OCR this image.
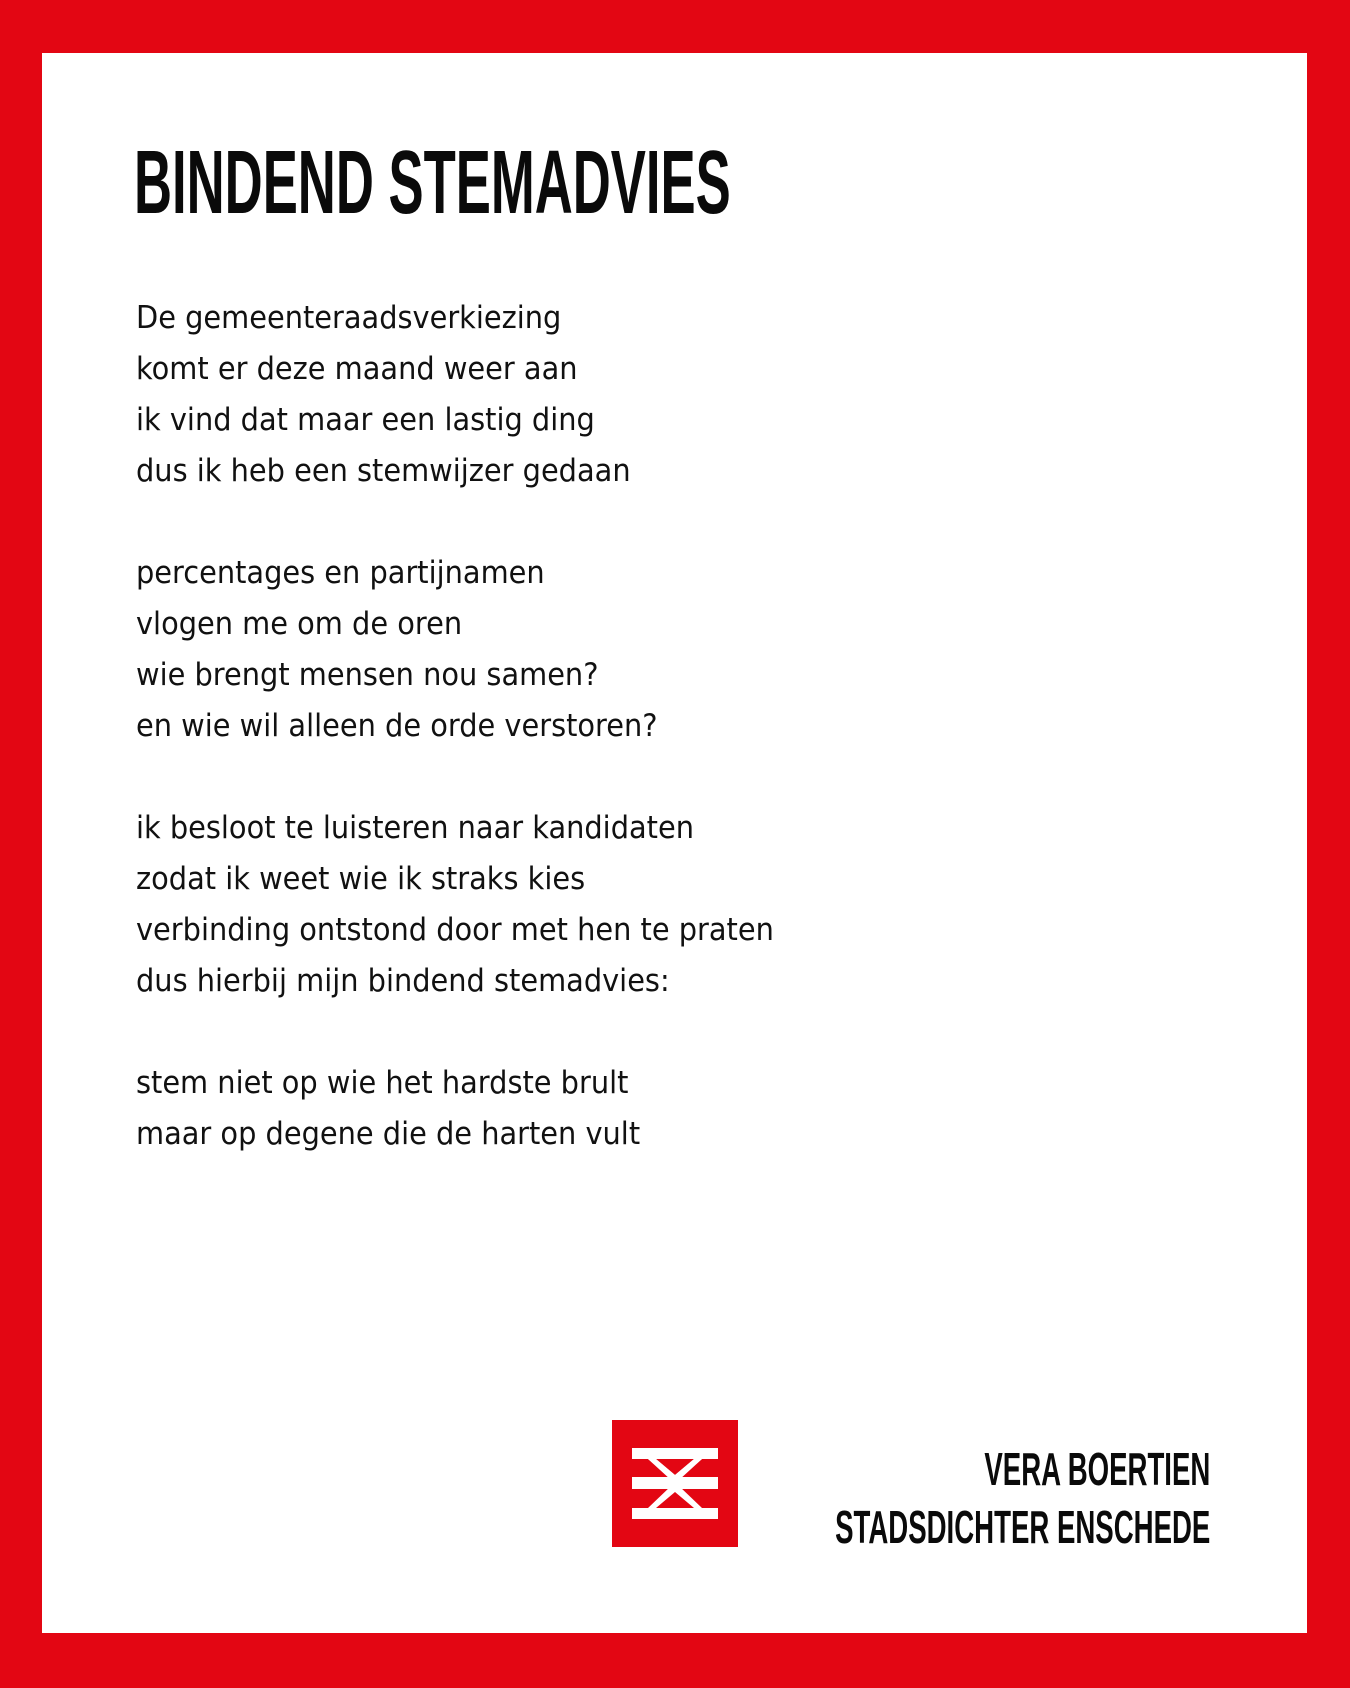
BINDEND STEMADVIES
De gemeenteraadsverkiezing
komt er deze maand weer aan
ik vind dat maar een lastig ding
dus ik heb een stemwijzer gedaan
percentages en partijnamen
vlogen me om de oren
wie brengt mensen nou samen?
en wie wil alleen de orde verstoren?
ik besloot te luisteren naar kandidaten
zodat ik weet wie ik straks kies
verbinding ontstond door met hen te praten
dus hierbij mijn bindend stemadvies:
stem niet op wie het hardste brult
maar op degene die de harten vult
VERA BOERTIEN
STADSDICHTER ENSCHEDE
